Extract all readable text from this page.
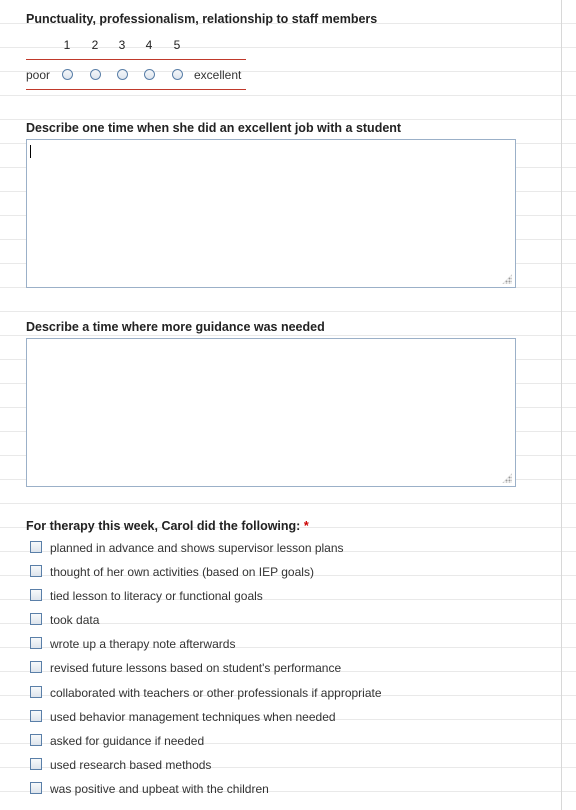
Punctuality, professionalism, relationship to staff members
1 2 3 4 5
poor	excellent
Describe one time when she did an excellent job with a student
Describe a time where more guidance was needed
For therapy this week, Carol did the following: *
planned in advance and shows supervisor lesson plans
thought of her own activities (based on IEP goals)
tied lesson to literacy or functional goals
took data
wrote up a therapy note afterwards
revised future lessons based on student's performance
collaborated with teachers or other professionals if appropriate
used behavior management techniques when needed
asked for guidance if needed
used research based methods
was positive and upbeat with the children
